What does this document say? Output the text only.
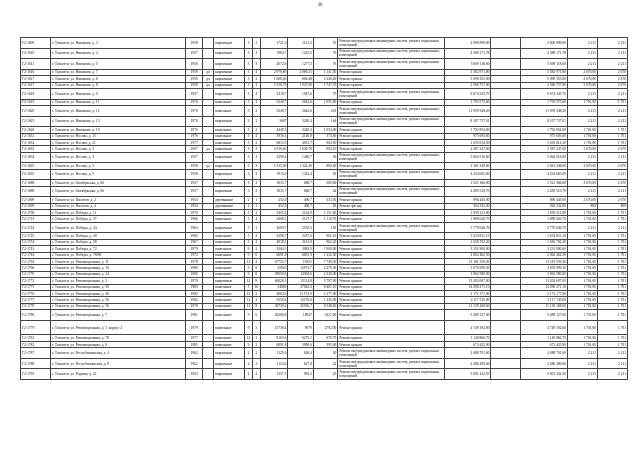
48
Г2-1609	г. Тольятти, ул. Никонова, д. 3	1958		кирпичные	3	2	1721,0	1141,5	55	Ремонт внутридомовых инженерных систем, ремонт подвальных помещений	2 006 899,00		2 006 899,00	2 211	2 211
Г2-1610	г. Тольятти, ул. Никонова, д. 4	1957		кирпичные	3	3	1984,7	1225,5	76	Ремонт внутридомовых инженерных систем, ремонт подвальных помещений	4 388 171,78		4 388 171,78	2 211	2 211
Г2-1611	г. Тольятти, ул. Никонова, д. 5	1956		кирпичные	3	3	2072,6	1277,5	76	Ремонт внутридомовых инженерных систем, ремонт подвальных помещений	5 609 118,60		5 609 118,60	2 211	2 211
Г2-1616	г. Тольятти, ул. Никонова, д. 7	1959	да	кирпичные	3	4	2 978,80	2 086,31	1 141,50	Ремонт крыши	3 582 971,80		3 582 971,80	2 670,00	2 670
Г2-1617	г. Тольятти, ул. Никонова, д. 8	1959	да	кирпичные	3	2	1 608,40	604,48	2 240,20	Ремонт крыши	5 090 355,00		5 090 355,00	2 670,00	2 670
Г2-1617	г. Тольятти, ул. Никонова, д. 8	1959	да	кирпичные	3	2	1 918,70	1 947,60	1 747,70	Ремонт крыши	2 566 757,00		2 566 757,00	2 670,00	2 670
Г2-1618	г. Тольятти, ул. Никонова, д. 9	1957		кирпичные	3	4	3418,7	1947,6	79	Ремонт внутридомовых инженерных систем, ремонт подвальных помещений	6 674 345,70		6 674 345,70	2 211	2 211
Г2-1619	г. Тольятти, ул. Никонова, д. 11	1976		панельные	5	2	5240,7	3642,6	1 055,00	Ремонт крыши	1 793 575,60		1 793 575,60	1 701,00	1 701
Г2-1620	г. Тольятти, ул. Никонова, д. 12	1976		панельные	5	2	5240,7	3642,6	201	Ремонт внутридомовых инженерных систем, ремонт подвальных помещений	11 959 348,20		11 959 348,20	2 211	2 211
Г2-1625	г. Тольятти, ул. Никонова, д. 13	1978		кирпичные	3	2	3667	3240,4	164	Ремонт внутридомовых инженерных систем, ремонт подвальных помещений	8 107 737,01		8 107 737,01	2 211	2 211
Г2-1626	г. Тольятти, ул. Никонова, д. 19	1976		панельные	5	2	4449,5	3240,3	1 054,00	Ремонт крыши	1 792 854,00		1 792 854,00	1 701,00	1 701
Г2-1631	г. Тольятти, ул. Носова, д. 15	1976		панельные	5	4	3916,1	2146,8	573,60	Ремонт крыши	975 693,60		975 693,60	1 701,00	1 701
Г2-1632	г. Тольятти, ул. Носова, д. 21	1977		панельные	5	2	6813,5	4051,7	964,50	Ремонт крыши	1 635 814,50		1 635 814,50	1 701,00	1 701
Г2-1633	г. Тольятти, ул. Носова, д. 3	1957	да	кирпичные	3	3	2 916,60	1 640,70	894,10	Ремонт крыши	2 387 247,00		2 387 247,00	2 670,00	2 670
Г2-1634	г. Тольятти, ул. Носова, д. 4	1957		кирпичные	3	3	2290,6	1440,7	56	Ремонт внутридомовых инженерных систем, ремонт подвальных помещений	5 064 516,00		5 064 516,00	2 211	2 211
Г2-1635	г. Тольятти, ул. Носова, д. 5	1958	да	кирпичные	3	3	1 915,00	1 322,40	884,40	Ремонт крыши	2 361 348,00		2 361 348,00	2 670,00	2 670
Г2-1635	г. Тольятти, ул. Носова, д. 5	1958		кирпичные	3	3	1915,0	1322,4	81	Ремонт внутридомовых инженерных систем, ремонт подвальных помещений	4 234 065,00		4 234 065,00	2 211	2 211
Г2-1688	г. Тольятти, ул. Октябрьская, д. 66	1957		кирпичные	3	2	1833,7	668,7	569,80	Ремонт крыши	1 521 366,00		1 521 366,00	2 670,00	2 670
Г2-1688	г. Тольятти, ул. Октябрьская, д. 66	1957		кирпичные	3	2	1833,7	668,7	42	Ремонт внутридомовых инженерных систем, ремонт подвальных помещений	2 285 510,70		2 285 510,70	2 211	2 211
Г2-1699	г. Тольятти, ул. Пилотов, д. 2	1954		деревянные	2	1	452,0	406,7	333,50	Ремонт крыши	890 445,00		890 445,00	2 670,00	2 670
Г2-1699	г. Тольятти, ул. Пилотов, д. 4	1954		деревянные	2	1	452,0	406,7	26	Ремонт фасада	364 332,00		364 332,00	808	808
Г2-1700	г. Тольятти, ул. Победы, д. 11	1970		панельные	5	4	3455,2	3124,9	1 151,80	Ремонт крыши	1 959 211,80		1 959 211,80	1 701,00	1 701
Г2-1715	г. Тольятти, ул. Победы, д. 37	1966		панельные	5	4	4468,1	3127,7	1 110,70	Ремонт крыши	1 889 620,70		1 889 620,70	1 701,00	1 701
Г2-1724	г. Тольятти, ул. Победы, д. 44	1963		кирпичные	5	3	2609,7	2535,3	145	Ремонт внутридомовых инженерных систем, ремонт подвальных помещений	5 770 046,70		5 770 046,70	2 211	2 211
Г2-1725	г. Тольятти, ул. Победы, д. 49	1965		панельные	5	4	4396,7	3237,6	961,10	Ремонт крыши	1 634 831,10		1 634 831,10	1 701,00	1 701
Г2-1734	г. Тольятти, ул. Победы, д. 58	1967		панельные	5	4	4818,1	3141,9	962,20	Ремонт крыши	1 636 702,20		1 636 702,20	1 701,00	1 701
Г2-1741	г. Тольятти, ул. Победы, д. 72	1979		панельные	9	2	4264,3	3963,5	1 900,00	Ремонт крыши	3 231 900,00		3 231 900,00	1 701,00	1 701
Г2-1744	г. Тольятти, ул. Победы, д. 78/80	1972		панельные	9	6	6691,0	6691,9	1 232,50	Ремонт крыши	2 062 462,50		2 062 462,50	1 701,00	1 701
Г2-1764	г. Тольятти, ул. Революционная, д. 11	1978		панельные	12	4	47752,7	19351	7 749,30	Ремонт крыши	13 181 559,30		13 181 559,30	1 701,00	1 701
Г2-1766	г. Тольятти, ул. Революционная, д. 16	1980		панельные	9	8	25925	12973,7	2 279,30	Ремонт крыши	3 876 999,30		3 876 999,30	1 701,00	1 701
Г2-1770	г. Тольятти, ул. Революционная, д. 24	1980		панельные	9	8	39050,6	14394,6	2 329,00	Ремонт крыши	3 962 580,00		3 962 580,00	1 701,00	1 701
Г2-1772	г. Тольятти, ул. Революционная, д. 3	1970		кирпичные	12	8	46028,3	15114,8	5 797,00	Ремонт крыши	13 202 697,00		13 202 697,00	1 701,00	1 701
Г2-1775	г. Тольятти, ул. Революционная, д. 30	1983		панельные	5	16	34069	27042,3	8 401,10	Ремонт крыши	14 290 271,10		14 290 271,10	1 701,00	1 701
Г2-1776	г. Тольятти, ул. Революционная, д. 40	1982		панельные	12	2	4963,0	11 572,9	1 277,00	Ремонт крыши	2 172 177,00		2 172 177,00	1 701,00	1 701
Г2-1777	г. Тольятти, ул. Революционная, д. 50	1982		панельные	12	2	5550,8	12176,6	1 245,00	Ремонт крыши	2 117 745,00		2 117 745,00	1 701,00	1 701
Г2-1778	г. Тольятти, ул. Революционная, д. 56	1978		панельные	12	8	36739,2	25916,7	6 548,60	Ремонт крыши	11 139 168,60		11 139 168,60	1 701,00	1 701
Г2-1780	г. Тольятти, ул. Революционная, д. 7	1981		панельные	9	6	26360,8	18947	3227,00	Ремонт крыши	5 489 127,00		5 489 127,00	1 701,00	1 701
Г2-1779	г. Тольятти, ул. Революционная, д. 7, корпус 2	1979		панельные	9	5	15739,4	9079	2792,00	Ремонт крыши	4 749 192,00		4 749 192,00	1 701,00	1 701
Г2-1781	г. Тольятти, ул. Революционная, д. 78	1977		панельные	12	1	8163,6	6275,1	670,70	Ремонт крыши	1 140 860,70		1 140 860,70	1 701,00	1 701
Г2-1782	г. Тольятти, ул. Революционная, д. 8	1985		панельные	9	2	6091,8	3990,6	395,90	Ремонт крыши	673 425,90		673 425,90	1 701,00	1 701
Г2-1787	г. Тольятти, ул. Республиканская, д. 4	1962		кирпичные	2	2	1125,6	628,4	30	Ремонт внутридомовых инженерных систем, ремонт подвальных помещений	2 488 701,60		2 488 701,60	2 211	2 211
Г2-1788	г. Тольятти, ул. Республиканская, д. 8	1962		кирпичные	2	2	1124,6	627,8	22	Ремонт внутридомовых инженерных систем, ремонт подвальных помещений	2 486 490,60		2 486 490,60	2 211	2 211
Г2-1793	г. Тольятти, ул. Родины, д. 22	1953		кирпичные	2	2	1357,5	963,2	25	Ремонт внутридомовых инженерных систем, ремонт подвальных помещений	3 001 432,50		3 001 432,50	2 211	2 211
